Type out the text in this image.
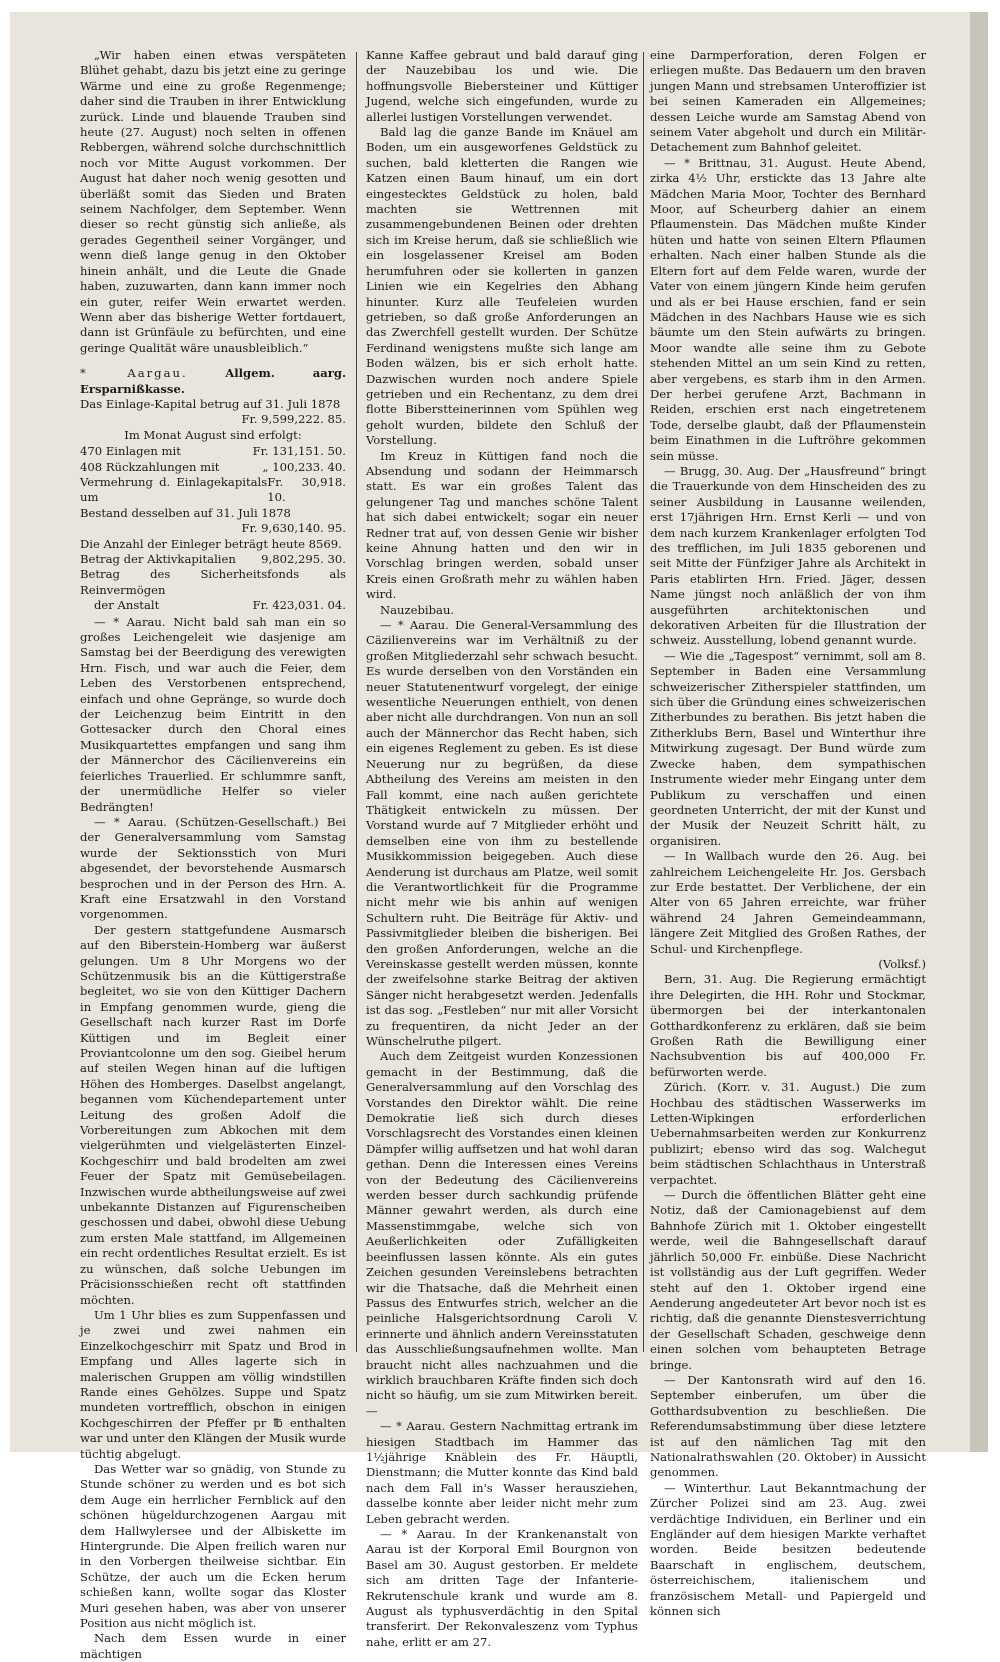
„Wir haben einen etwas verspäteten Blühet gehabt, dazu bis jetzt eine zu geringe Wärme und eine zu große Regenmenge; daher sind die Trauben in ihrer Entwicklung zurück. Linde und blauende Trauben sind heute (27. August) noch selten in offenen Rebbergen, während solche durchschnittlich noch vor Mitte August vorkommen. Der August hat daher noch wenig gesotten und überläßt somit das Sieden und Braten seinem Nachfolger, dem September. Wenn dieser so recht günstig sich anließe, als gerades Gegentheil seiner Vorgänger, und wenn dieß lange genug in den Oktober hinein anhält, und die Leute die Gnade haben, zuzuwarten, dann kann immer noch ein guter, reifer Wein erwartet werden. Wenn aber das bisherige Wetter fortdauert, dann ist Grünfäule zu befürchten, und eine geringe Qualität wäre unausbleiblich.“

* Aargau.	Allgem. aarg. Ersparnißkasse.

Das Einlage-Kapital betrug auf 31. Juli 1878

Fr. 9,599,222. 85.

Im Monat August sind erfolgt:

470 Einlagen mit	Fr. 131,151. 50.
408 Rückzahlungen mit	„ 100,233. 40.
Vermehrung d. Einlagekapitals um
Fr. 30,918. 10.
Bestand desselben auf 31. Juli 1878
Fr. 9,630,140. 95.
Die Anzahl der Einleger beträgt heute 8569.
Betrag der Aktivkapitalien 9,802,295. 30.
Betrag des Sicherheitsfonds als Reinvermögen
der Anstalt	Fr. 423,031. 04.

— * Aarau. Nicht bald sah man ein so großes Leichengeleit wie dasjenige am Samstag bei der Beerdigung des verewigten Hrn. Fisch, und war auch die Feier, dem Leben des Verstorbenen entsprechend, einfach und ohne Gepränge, so wurde doch der Leichenzug beim Eintritt in den Gottesacker durch den Choral eines Musikquartettes empfangen und sang ihm der Männerchor des Cäcilienvereins ein feierliches Trauerlied. Er schlummre sanft, der unermüdliche Helfer so vieler Bedrängten!

— * Aarau. (Schützen-Gesellschaft.) Bei der Generalversammlung vom Samstag wurde der Sektionsstich von Muri abgesendet, der bevorstehende Ausmarsch besprochen und in der Person des Hrn. A. Kraft eine Ersatzwahl in den Vorstand vorgenommen.

Der gestern stattgefundene Ausmarsch auf den Biberstein-Homberg war äußerst gelungen. Um 8 Uhr Morgens wo der Schützenmusik bis an die Küttigerstraße begleitet, wo sie von den Küttiger Dachern in Empfang genommen wurde, gieng die Gesellschaft nach kurzer Rast im Dorfe Küttigen und im Begleit einer Proviantcolonne um den sog. Gieibel herum auf steilen Wegen hinan auf die luftigen Höhen des Homberges. Daselbst angelangt, begannen vom Küchendepartement unter Leitung des großen Adolf die Vorbereitungen zum Abkochen mit dem vielgerühmten und vielgelästerten Einzel-Kochgeschirr und bald brodelten am zwei Feuer der Spatz mit Gemüsebeilagen. Inzwischen wurde abtheilungsweise auf zwei unbekannte Distanzen auf Figurenscheiben geschossen und dabei, obwohl diese Uebung zum ersten Male stattfand, im Allgemeinen ein recht ordentliches Resultat erzielt. Es ist zu wünschen, daß solche Uebungen im Präcisionsschießen recht oft stattfinden möchten.

Um 1 Uhr blies es zum Suppenfassen und je zwei und zwei nahmen ein Einzelkochgeschirr mit Spatz und Brod in Empfang und Alles lagerte sich in malerischen Gruppen am völlig windstillen Rande eines Gehölzes. Suppe und Spatz mundeten vortrefflich, obschon in einigen Kochgeschirren der Pfeffer pr ℔ enthalten war und unter den Klängen der Musik wurde tüchtig abgelugt.

Das Wetter war so gnädig, von Stunde zu Stunde schöner zu werden und es bot sich dem Auge ein herrlicher Fernblick auf den schönen hügeldurchzogenen Aargau mit dem Hallwylersee und der Albiskette im Hintergrunde. Die Alpen freilich waren nur in den Vorbergen theilweise sichtbar. Ein Schütze, der auch um die Ecken herum schießen kann, wollte sogar das Kloster Muri gesehen haben, was aber von unserer Position aus nicht möglich ist.

Nach dem Essen wurde in einer mächtigen

Kanne Kaffee gebraut und bald darauf ging der Nauzebibau los und wie. Die hoffnungsvolle Biebersteiner und Küttiger Jugend, welche sich eingefunden, wurde zu allerlei lustigen Vorstellungen verwendet.

Bald lag die ganze Bande im Knäuel am Boden, um ein ausgeworfenes Geldstück zu suchen, bald kletterten die Rangen wie Katzen einen Baum hinauf, um ein dort eingestecktes Geldstück zu holen, bald machten sie Wettrennen mit zusammengebundenen Beinen oder drehten sich im Kreise herum, daß sie schließlich wie ein losgelassener Kreisel am Boden herumfuhren oder sie kollerten in ganzen Linien wie ein Kegelries den Abhang hinunter. Kurz alle Teufeleien wurden getrieben, so daß große Anforderungen an das Zwerchfell gestellt wurden. Der Schütze Ferdinand wenigstens mußte sich lange am Boden wälzen, bis er sich erholt hatte. Dazwischen wurden noch andere Spiele getrieben und ein Rechentanz, zu dem drei flotte Biberstteinerinnen vom Spühlen weg geholt wurden, bildete den Schluß der Vorstellung.

Im Kreuz in Küttigen fand noch die Absendung und sodann der Heimmarsch statt. Es war ein großes Talent das gelungener Tag und manches schöne Talent hat sich dabei entwickelt; sogar ein neuer Redner trat auf, von dessen Genie wir bisher keine Ahnung hatten und den wir in Vorschlag bringen werden, sobald unser Kreis einen Großrath mehr zu wählen haben wird.

Nauzebibau.

— * Aarau. Die General-Versammlung des Cäzilienvereins war im Verhältniß zu der großen Mitgliederzahl sehr schwach besucht. Es wurde derselben von den Vorständen ein neuer Statutenentwurf vorgelegt, der einige wesentliche Neuerungen enthielt, von denen aber nicht alle durchdrangen. Von nun an soll auch der Männerchor das Recht haben, sich ein eigenes Reglement zu geben. Es ist diese Neuerung nur zu begrüßen, da diese Abtheilung des Vereins am meisten in den Fall kommt, eine nach außen gerichtete Thätigkeit entwickeln zu müssen. Der Vorstand wurde auf 7 Mitglieder erhöht und demselben eine von ihm zu bestellende Musikkommission beigegeben. Auch diese Aenderung ist durchaus am Platze, weil somit die Verantwortlichkeit für die Programme nicht mehr wie bis anhin auf wenigen Schultern ruht. Die Beiträge für Aktiv- und Passivmitglieder bleiben die bisherigen. Bei den großen Anforderungen, welche an die Vereinskasse gestellt werden müssen, konnte der zweifelsohne starke Beitrag der aktiven Sänger nicht herabgesetzt werden. Jedenfalls ist das sog. „Festleben“ nur mit aller Vorsicht zu frequentiren, da nicht Jeder an der Wünschelruthe pilgert.

Auch dem Zeitgeist wurden Konzessionen gemacht in der Bestimmung, daß die Generalversammlung auf den Vorschlag des Vorstandes den Direktor wählt. Die reine Demokratie ließ sich durch dieses Vorschlagsrecht des Vorstandes einen kleinen Dämpfer willig auffsetzen und hat wohl daran gethan. Denn die Interessen eines Vereins von der Bedeutung des Cäcilienvereins werden besser durch sachkundig prüfende Männer gewahrt werden, als durch eine Massenstimmgabe, welche sich von Aeußerlichkeiten oder Zufälligkeiten beeinflussen lassen könnte. Als ein gutes Zeichen gesunden Vereinslebens betrachten wir die Thatsache, daß die Mehrheit einen Passus des Entwurfes strich, welcher an die peinliche Halsgerichtsordnung Caroli V. erinnerte und ähnlich andern Vereinsstatuten das Ausschließungsaufnehmen wollte. Man braucht nicht alles nachzuahmen und die wirklich brauchbaren Kräfte finden sich doch nicht so häufig, um sie zum Mitwirken bereit. —

— * Aarau. Gestern Nachmittag ertrank im hiesigen Stadtbach im Hammer das 1½jährige Knäblein des Fr. Häuptli, Dienstmann; die Mutter konnte das Kind bald nach dem Fall in's Wasser herausziehen, dasselbe konnte aber leider nicht mehr zum Leben gebracht werden.

— * Aarau. In der Krankenanstalt von Aarau ist der Korporal Emil Bourgnon von Basel am 30. August gestorben. Er meldete sich am dritten Tage der Infanterie-Rekrutenschule krank und wurde am 8. August als typhusverdächtig in den Spital transferirt. Der Rekonvaleszenz vom Typhus nahe, erlitt er am 27.

eine Darmperforation, deren Folgen er erliegen mußte. Das Bedauern um den braven jungen Mann und strebsamen Unteroffizier ist bei seinen Kameraden ein Allgemeines; dessen Leiche wurde am Samstag Abend von seinem Vater abgeholt und durch ein Militär-Detachement zum Bahnhof geleitet.

— * Brittnau, 31. August. Heute Abend, zirka 4½ Uhr, erstickte das 13 Jahre alte Mädchen Maria Moor, Tochter des Bernhard Moor, auf Scheurberg dahier an einem Pflaumenstein. Das Mädchen mußte Kinder hüten und hatte von seinen Eltern Pflaumen erhalten. Nach einer halben Stunde als die Eltern fort auf dem Felde waren, wurde der Vater von einem jüngern Kinde heim gerufen und als er bei Hause erschien, fand er sein Mädchen in des Nachbars Hause wie es sich bäumte um den Stein aufwärts zu bringen. Moor wandte alle seine ihm zu Gebote stehenden Mittel an um sein Kind zu retten, aber vergebens, es starb ihm in den Armen. Der herbei gerufene Arzt, Bachmann in Reiden, erschien erst nach eingetretenem Tode, derselbe glaubt, daß der Pflaumenstein beim Einathmen in die Luftröhre gekommen sein müsse.

— Brugg, 30. Aug. Der „Hausfreund“ bringt die Trauerkunde von dem Hinscheiden des zu seiner Ausbildung in Lausanne weilenden, erst 17jährigen Hrn. Ernst Kerli — und von dem nach kurzem Krankenlager erfolgten Tod des trefflichen, im Juli 1835 geborenen und seit Mitte der Fünfziger Jahre als Architekt in Paris etablirten Hrn. Fried. Jäger, dessen Name jüngst noch anläßlich der von ihm ausgeführten architektonischen und dekorativen Arbeiten für die Illustration der schweiz. Ausstellung, lobend genannt wurde.

— Wie die „Tagespost“ vernimmt, soll am 8. September in Baden eine Versammlung schweizerischer Zitherspieler stattfinden, um sich über die Gründung eines schweizerischen Zitherbundes zu berathen. Bis jetzt haben die Zitherklubs Bern, Basel und Winterthur ihre Mitwirkung zugesagt. Der Bund würde zum Zwecke haben, dem sympathischen Instrumente wieder mehr Eingang unter dem Publikum zu verschaffen und einen geordneten Unterricht, der mit der Kunst und der Musik der Neuzeit Schritt hält, zu organisiren.

— In Wallbach wurde den 26. Aug. bei zahlreichem Leichengeleite Hr. Jos. Gersbach zur Erde bestattet. Der Verblichene, der ein Alter von 65 Jahren erreichte, war früher während 24 Jahren Gemeindeammann, längere Zeit Mitglied des Großen Rathes, der Schul- und Kirchenpflege.

(Volksf.)

Bern, 31. Aug. Die Regierung ermächtigt ihre Delegirten, die HH. Rohr und Stockmar, übermorgen bei der interkantonalen Gotthardkonferenz zu erklären, daß sie beim Großen Rath die Bewilligung einer Nachsubvention bis auf 400,000 Fr. befürworten werde.

Zürich. (Korr. v. 31. August.) Die zum Hochbau des städtischen Wasserwerks im Letten-Wipkingen erforderlichen Uebernahmsarbeiten werden zur Konkurrenz publizirt; ebenso wird das sog. Walchegut beim städtischen Schlachthaus in Unterstraß verpachtet.

— Durch die öffentlichen Blätter geht eine Notiz, daß der Camionagebienst auf dem Bahnhofe Zürich mit 1. Oktober eingestellt werde, weil die Bahngesellschaft darauf jährlich 50,000 Fr. einbüße. Diese Nachricht ist vollständig aus der Luft gegriffen. Weder steht auf den 1. Oktober irgend eine Aenderung angedeuteter Art bevor noch ist es richtig, daß die genannte Dienstesverrichtung der Gesellschaft Schaden, geschweige denn einen solchen vom behaupteten Betrage bringe.

— Der Kantonsrath wird auf den 16. September einberufen, um über die Gotthardsubvention zu beschließen. Die Referendumsabstimmung über diese letztere ist auf den nämlichen Tag mit den Nationalrathswahlen (20. Oktober) in Aussicht genommen.

— Winterthur. Laut Bekanntmachung der Zürcher Polizei sind am 23. Aug. zwei verdächtige Individuen, ein Berliner und ein Engländer auf dem hiesigen Markte verhaftet worden. Beide besitzen bedeutende Baarschaft in englischem, deutschem, österreichischem, italienischem und französischem Metall- und Papiergeld und können sich
